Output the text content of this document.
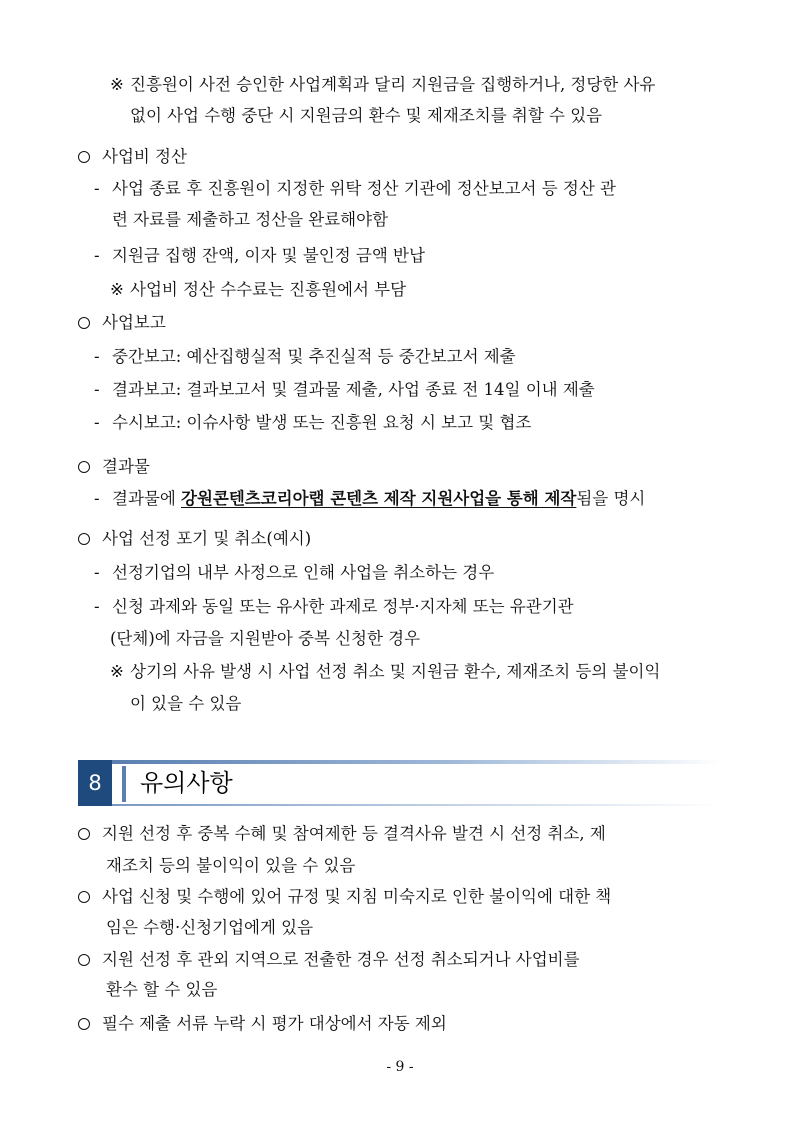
※ 진흥원이 사전 승인한 사업계획과 달리 지원금을 집행하거나, 정당한 사유
없이 사업 수행 중단 시 지원금의 환수 및 제재조치를 취할 수 있음
사업비 정산
- 사업 종료 후 진흥원이 지정한 위탁 정산 기관에 정산보고서 등 정산 관
련 자료를 제출하고 정산을 완료해야함
- 지원금 집행 잔액, 이자 및 불인정 금액 반납
※ 사업비 정산 수수료는 진흥원에서 부담
사업보고
- 중간보고: 예산집행실적 및 추진실적 등 중간보고서 제출
- 결과보고: 결과보고서 및 결과물 제출, 사업 종료 전 14일 이내 제출
- 수시보고: 이슈사항 발생 또는 진흥원 요청 시 보고 및 협조
결과물
- 결과물에 강원콘텐츠코리아랩 콘텐츠 제작 지원사업을 통해 제작됨을 명시
사업 선정 포기 및 취소(예시)
- 선정기업의 내부 사정으로 인해 사업을 취소하는 경우
- 신청 과제와 동일 또는 유사한 과제로 정부·지자체 또는 유관기관
(단체)에 자금을 지원받아 중복 신청한 경우
※ 상기의 사유 발생 시 사업 선정 취소 및 지원금 환수, 제재조치 등의 불이익
이 있을 수 있음
8	유의사항
지원 선정 후 중복 수혜 및 참여제한 등 결격사유 발견 시 선정 취소, 제
재조치 등의 불이익이 있을 수 있음
사업 신청 및 수행에 있어 규정 및 지침 미숙지로 인한 불이익에 대한 책
임은 수행·신청기업에게 있음
지원 선정 후 관외 지역으로 전출한 경우 선정 취소되거나 사업비를
환수 할 수 있음
필수 제출 서류 누락 시 평가 대상에서 자동 제외
- 9 -
